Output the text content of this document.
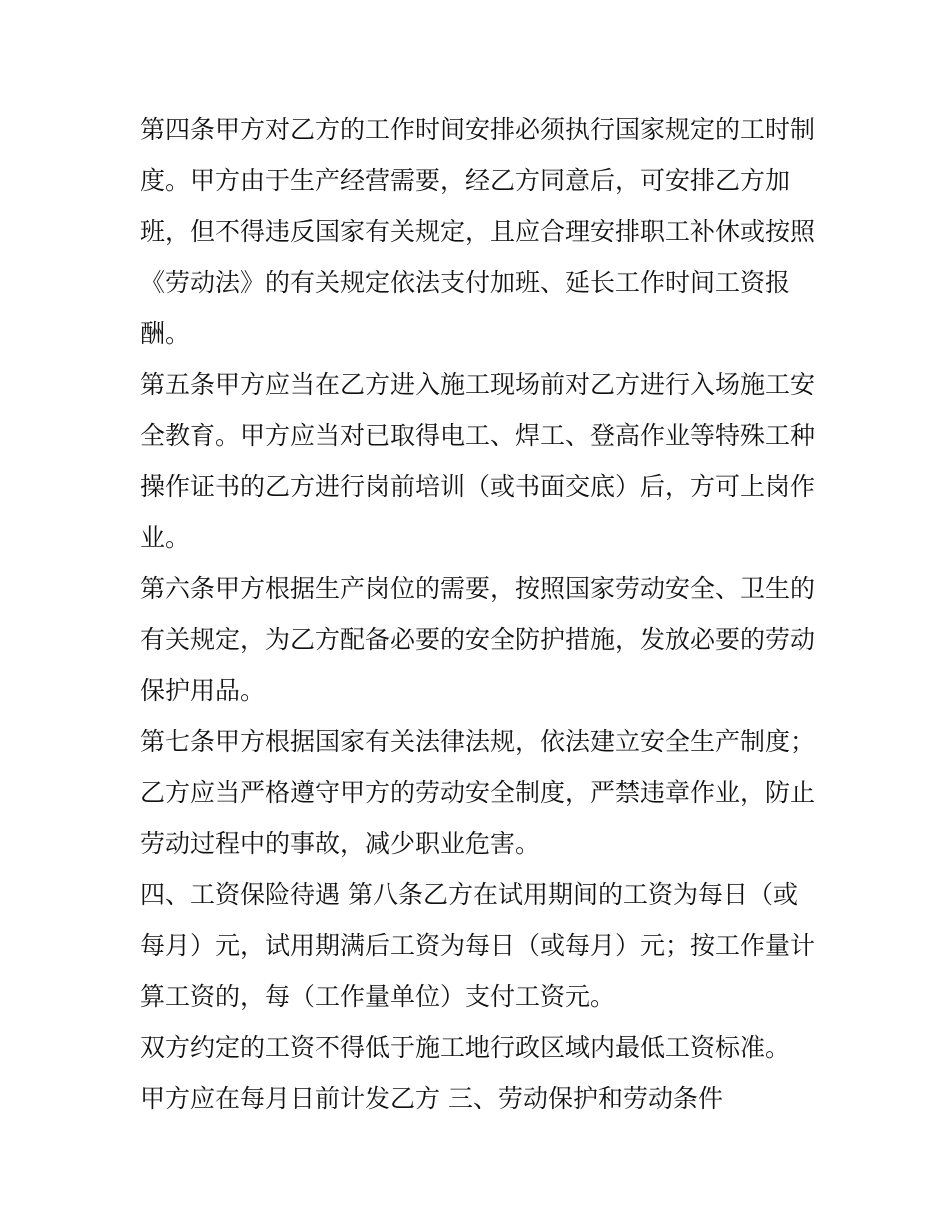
第四条甲方对乙方的工作时间安排必须执行国家规定的工时制
度。甲方由于生产经营需要，经乙方同意后，可安排乙方加
班，但不得违反国家有关规定，且应合理安排职工补休或按照
《劳动法》的有关规定依法支付加班、延长工作时间工资报
酬。
第五条甲方应当在乙方进入施工现场前对乙方进行入场施工安
全教育。甲方应当对已取得电工、焊工、登高作业等特殊工种
操作证书的乙方进行岗前培训（或书面交底）后，方可上岗作
业。
第六条甲方根据生产岗位的需要，按照国家劳动安全、卫生的
有关规定，为乙方配备必要的安全防护措施，发放必要的劳动
保护用品。
第七条甲方根据国家有关法律法规，依法建立安全生产制度；
乙方应当严格遵守甲方的劳动安全制度，严禁违章作业，防止
劳动过程中的事故，减少职业危害。
四、工资保险待遇 第八条乙方在试用期间的工资为每日（或
每月）元，试用期满后工资为每日（或每月）元；按工作量计
算工资的，每（工作量单位）支付工资元。
双方约定的工资不得低于施工地行政区域内最低工资标准。
甲方应在每月日前计发乙方 三、劳动保护和劳动条件
